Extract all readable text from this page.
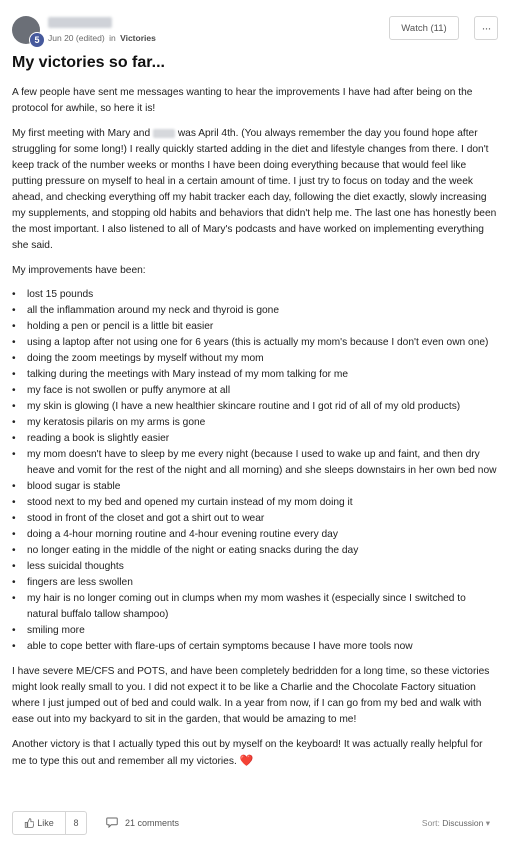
5	Jun 20 (edited) in Victories
Watch (11)	···
My victories so far...

A few people have sent me messages wanting to hear the improvements I have had after being on the protocol for awhile, so here it is!

My first meeting with Mary and	was April 4th. (You always remember the day you found hope after struggling for some long!) I really quickly started adding in the diet and lifestyle changes from there. I don't keep track of the number weeks or months I have been doing everything because that would feel like putting pressure on myself to heal in a certain amount of time. I just try to focus on today and the week ahead, and checking everything off my habit tracker each day, following the diet exactly, slowly increasing my supplements, and stopping old habits and behaviors that didn't help me. The last one has honestly been the most important. I also listened to all of Mary's podcasts and have worked on implementing everything she said.

My improvements have been:
• lost 15 pounds
• all the inflammation around my neck and thyroid is gone
• holding a pen or pencil is a little bit easier
• using a laptop after not using one for 6 years (this is actually my mom's because I don't even own one)
• doing the zoom meetings by myself without my mom
• talking during the meetings with Mary instead of my mom talking for me
• my face is not swollen or puffy anymore at all
• my skin is glowing (I have a new healthier skincare routine and I got rid of all of my old products)
• my keratosis pilaris on my arms is gone
• reading a book is slightly easier
• my mom doesn't have to sleep by me every night (because I used to wake up and faint, and then dry heave and vomit for the rest of the night and all morning) and she sleeps downstairs in her own bed now
• blood sugar is stable
• stood next to my bed and opened my curtain instead of my mom doing it
• stood in front of the closet and got a shirt out to wear
• doing a 4-hour morning routine and 4-hour evening routine every day
• no longer eating in the middle of the night or eating snacks during the day
• less suicidal thoughts
• fingers are less swollen
• my hair is no longer coming out in clumps when my mom washes it (especially since I switched to natural buffalo tallow shampoo)
• smiling more
• able to cope better with flare-ups of certain symptoms because I have more tools now

I have severe ME/CFS and POTS, and have been completely bedridden for a long time, so these victories might look really small to you. I did not expect it to be like a Charlie and the Chocolate Factory situation where I just jumped out of bed and could walk. In a year from now, if I can go from my bed and walk with ease out into my backyard to sit in the garden, that would be amazing to me!

Another victory is that I actually typed this out by myself on the keyboard! It was actually really helpful for me to type this out and remember all my victories. ❤️

Like	8	21 comments	Sort: Discussion ▾
